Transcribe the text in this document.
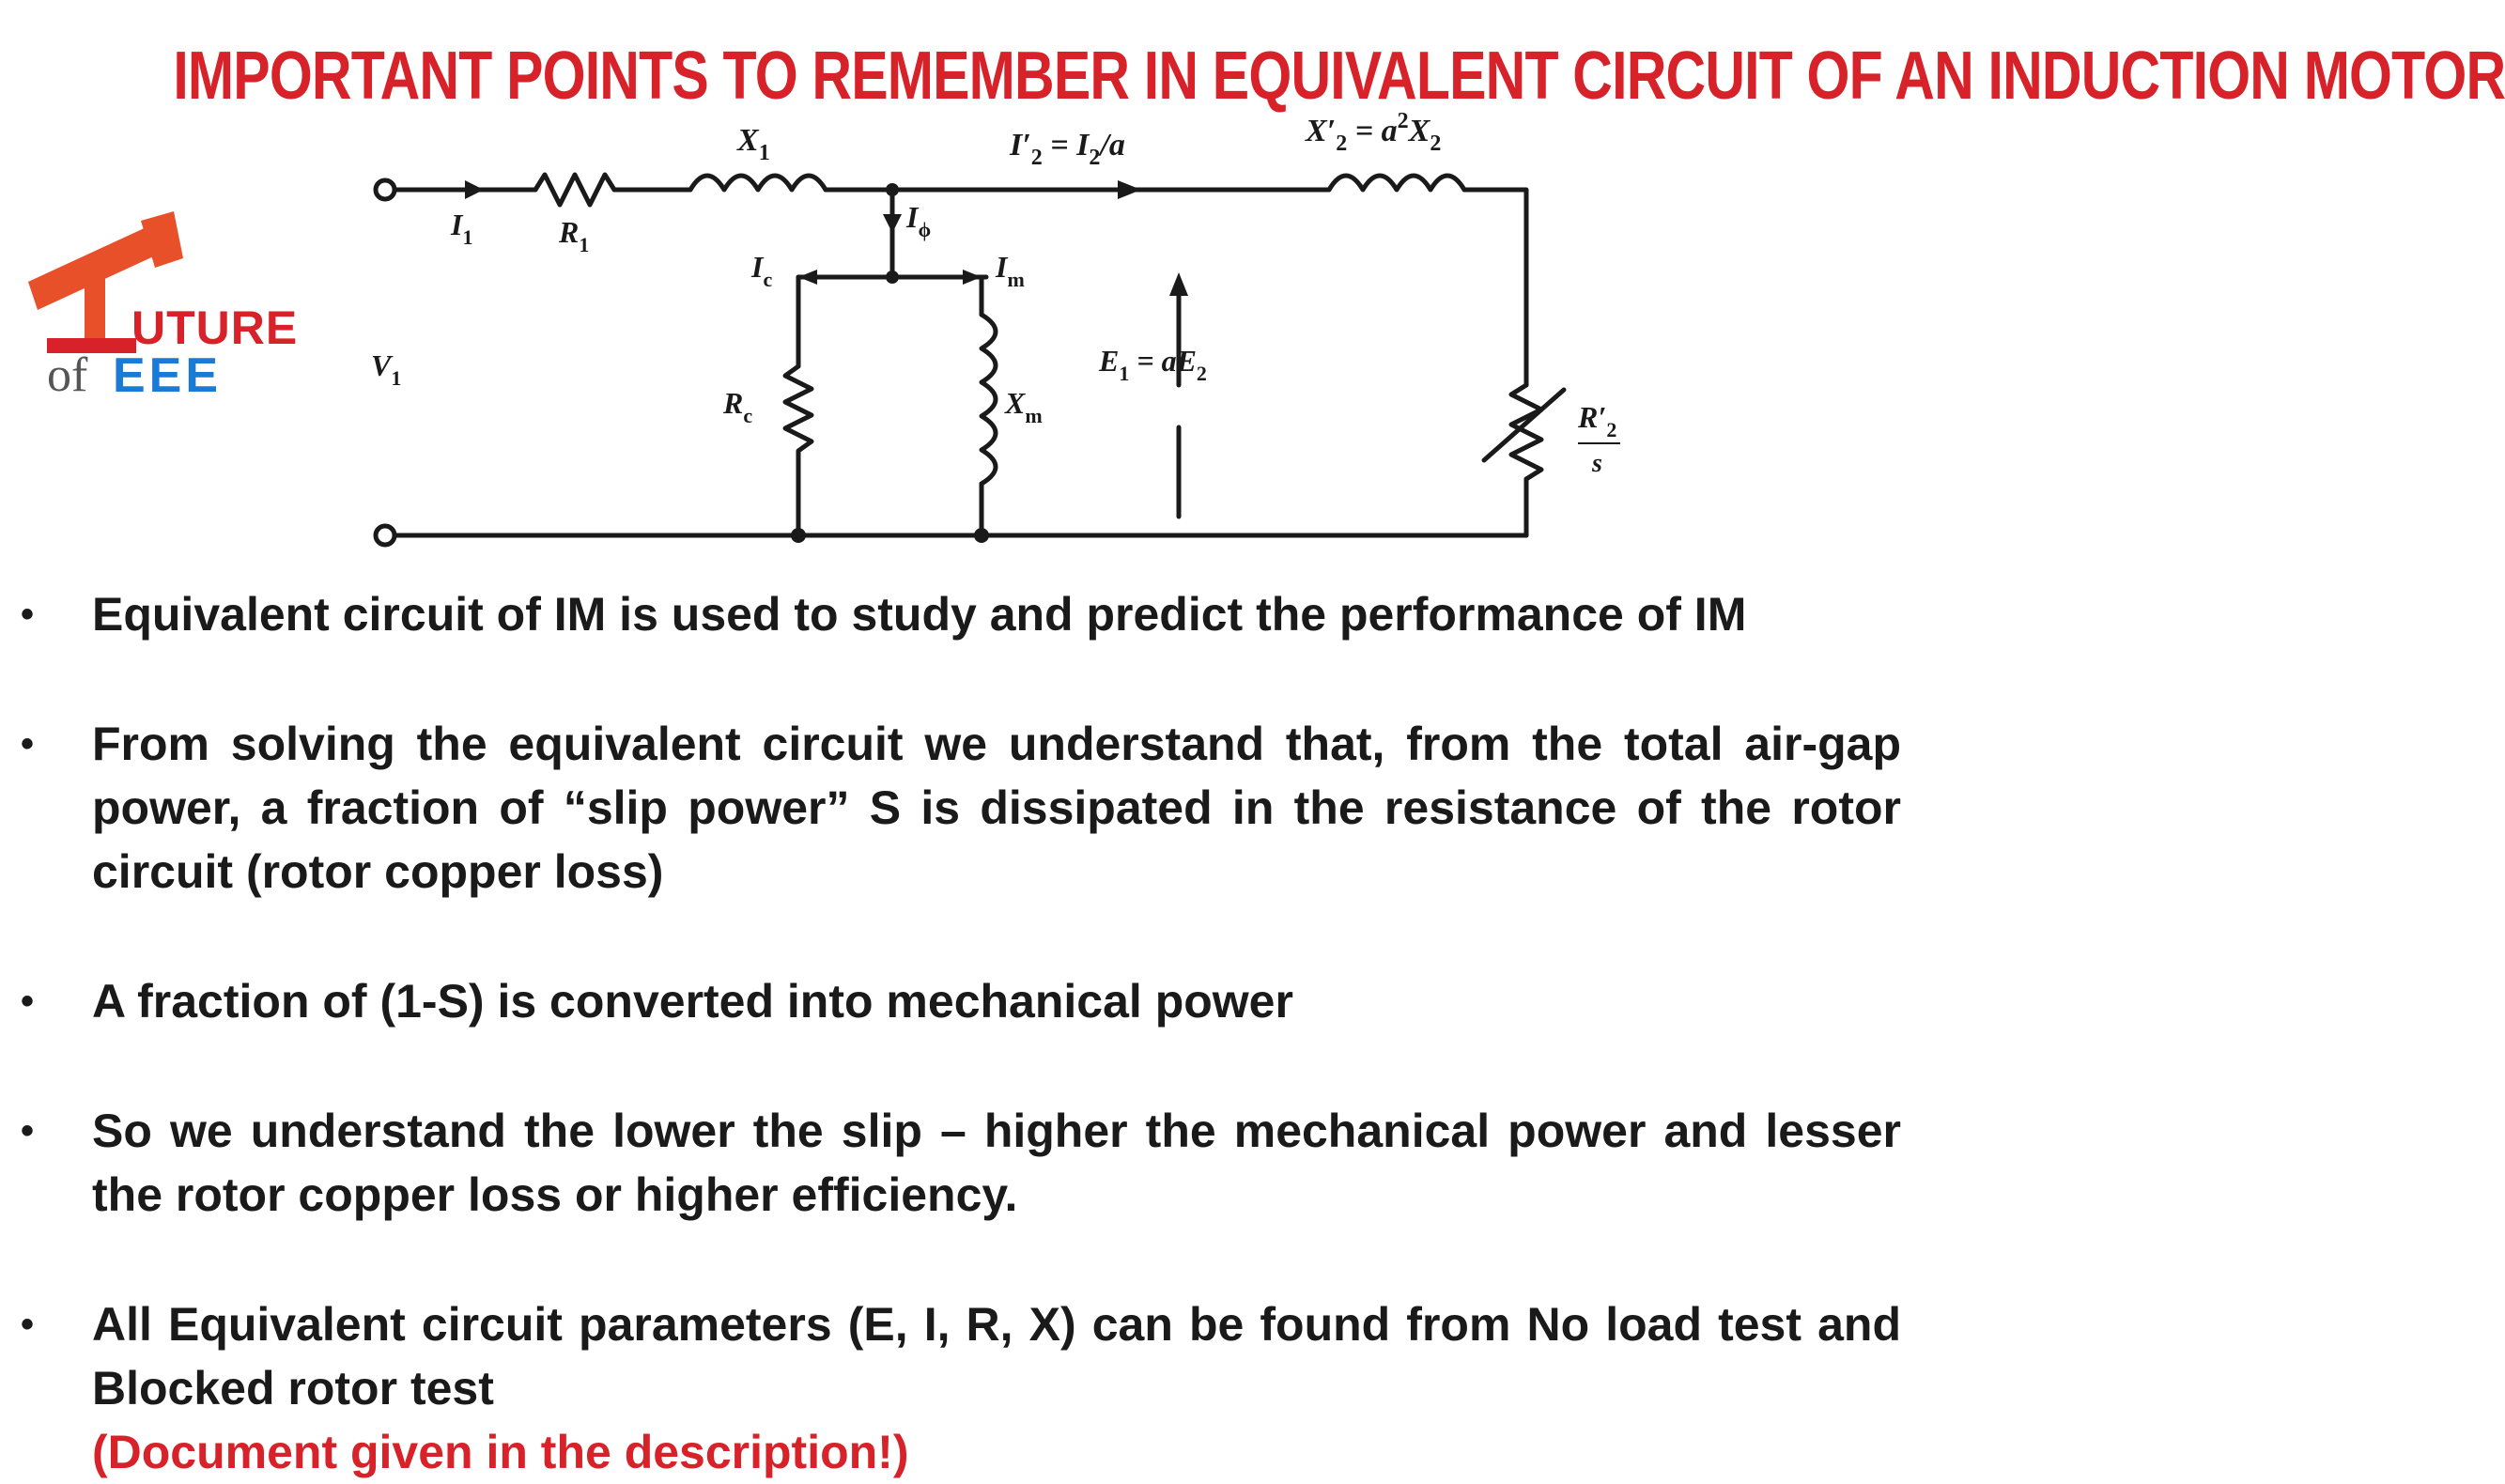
IMPORTANT POINTS TO REMEMBER IN EQUIVALENT CIRCUIT OF AN INDUCTION MOTOR
UTURE
of EEE
$X_1$	$I'_2 = I_2/a$	$X'_2 = a^2X_2$
$I_1$	$R_1$
$I_\phi$
$I_c$	$I_m$
$V_1$
$E_1 = aE_2$
$R_c$	$X_m$	$R'_2$
s
• Equivalent circuit of IM is used to study and predict the performance of IM
• From solving the equivalent circuit we understand that, from the total air-gap power, a fraction of “slip power” S is dissipated in the resistance of the rotor circuit (rotor copper loss)
• A fraction of (1-S) is converted into mechanical power
• So we understand the lower the slip – higher the mechanical power and lesser the rotor copper loss or higher efficiency.
• All Equivalent circuit parameters (E, I, R, X) can be found from No load test and Blocked rotor test
(Document given in the description!)
